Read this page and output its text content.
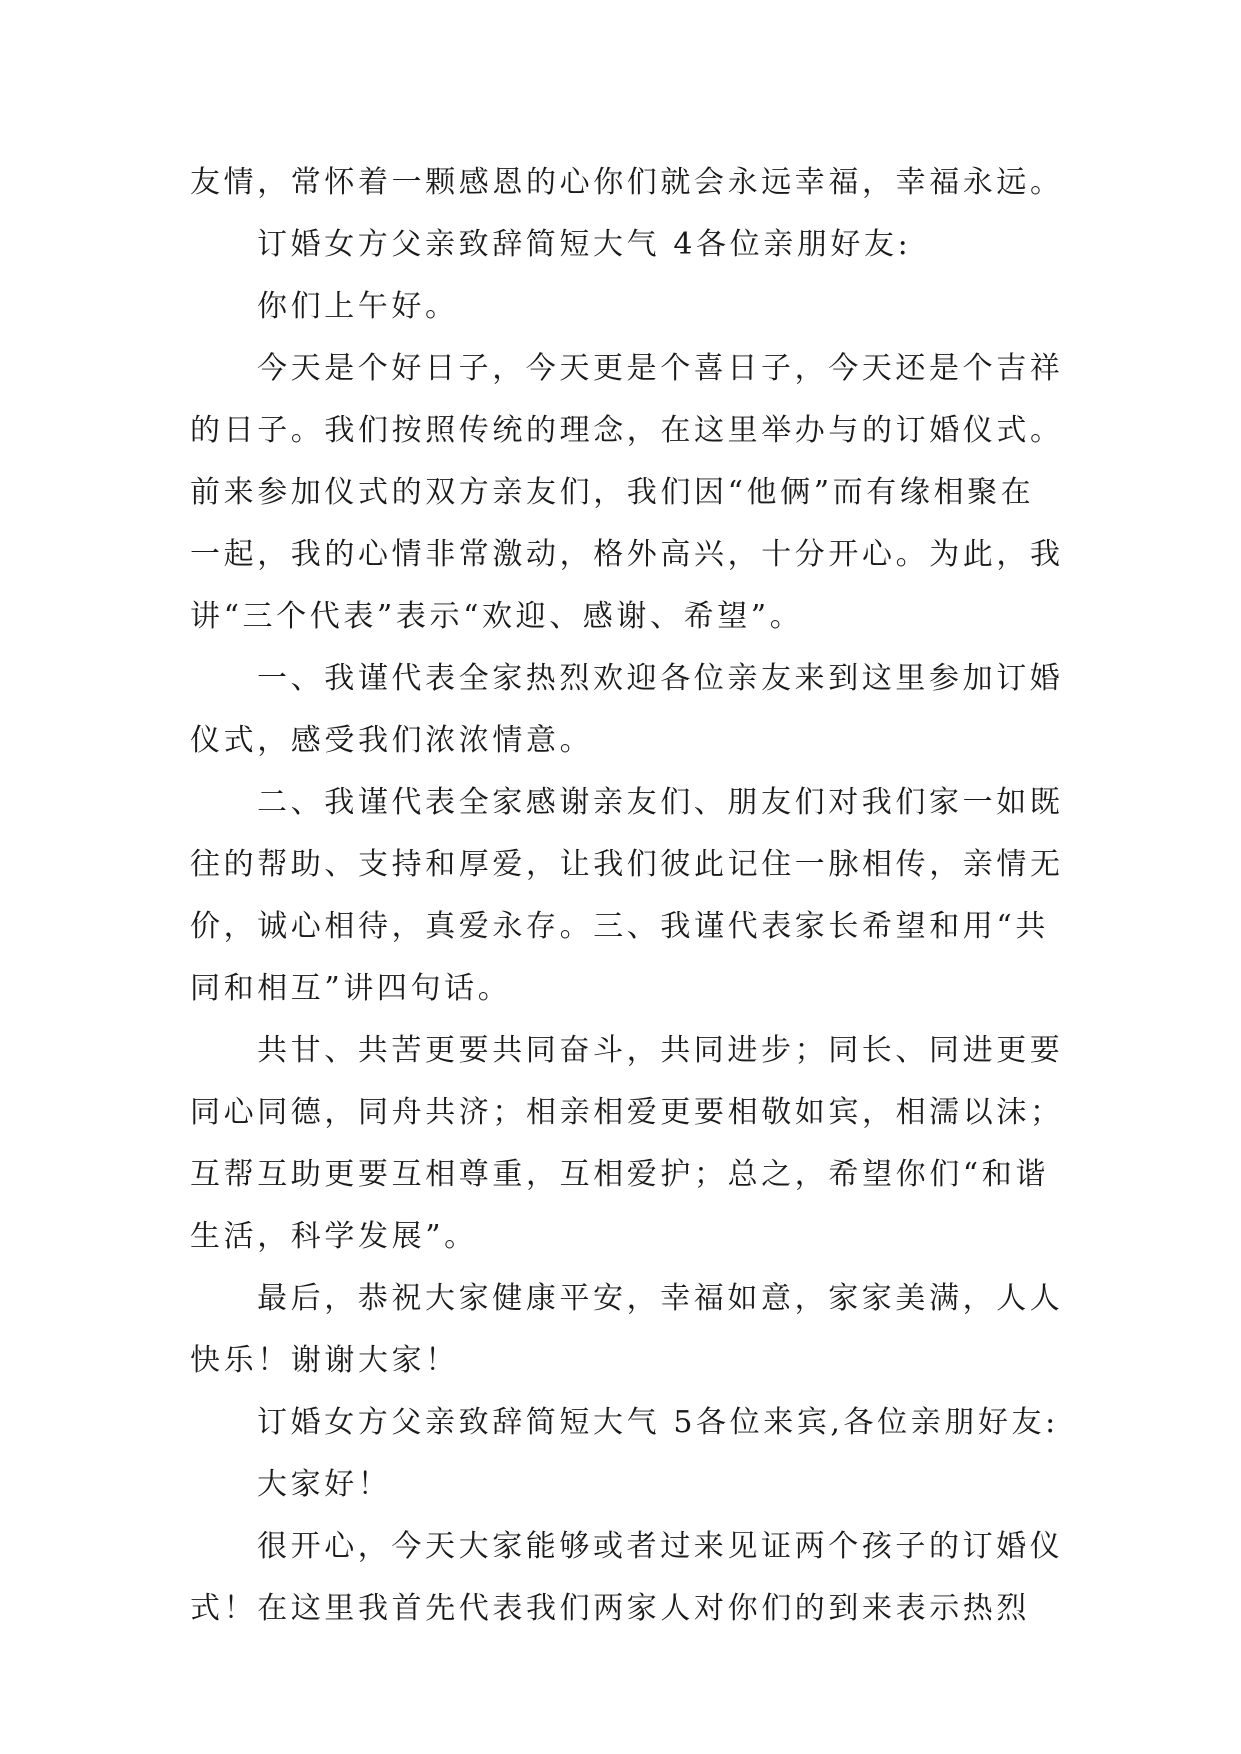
友情，常怀着一颗感恩的心你们就会永远幸福，幸福永远。
订婚女方父亲致辞简短大气 4各位亲朋好友:
你们上午好。
今天是个好日子，今天更是个喜日子，今天还是个吉祥
的日子。我们按照传统的理念，在这里举办与的订婚仪式。
前来参加仪式的双方亲友们，我们因“他俩”而有缘相聚在
一起，我的心情非常激动，格外高兴，十分开心。为此，我
讲“三个代表”表示“欢迎、感谢、希望”。
一、我谨代表全家热烈欢迎各位亲友来到这里参加订婚
仪式，感受我们浓浓情意。
二、我谨代表全家感谢亲友们、朋友们对我们家一如既
往的帮助、支持和厚爱，让我们彼此记住一脉相传，亲情无
价，诚心相待，真爱永存。三、我谨代表家长希望和用“共
同和相互”讲四句话。
共甘、共苦更要共同奋斗，共同进步；同长、同进更要
同心同德，同舟共济；相亲相爱更要相敬如宾，相濡以沫；
互帮互助更要互相尊重，互相爱护；总之，希望你们“和谐
生活，科学发展”。
最后，恭祝大家健康平安，幸福如意，家家美满，人人
快乐！谢谢大家！
订婚女方父亲致辞简短大气 5各位来宾,各位亲朋好友:
大家好！
很开心，今天大家能够或者过来见证两个孩子的订婚仪
式！在这里我首先代表我们两家人对你们的到来表示热烈
